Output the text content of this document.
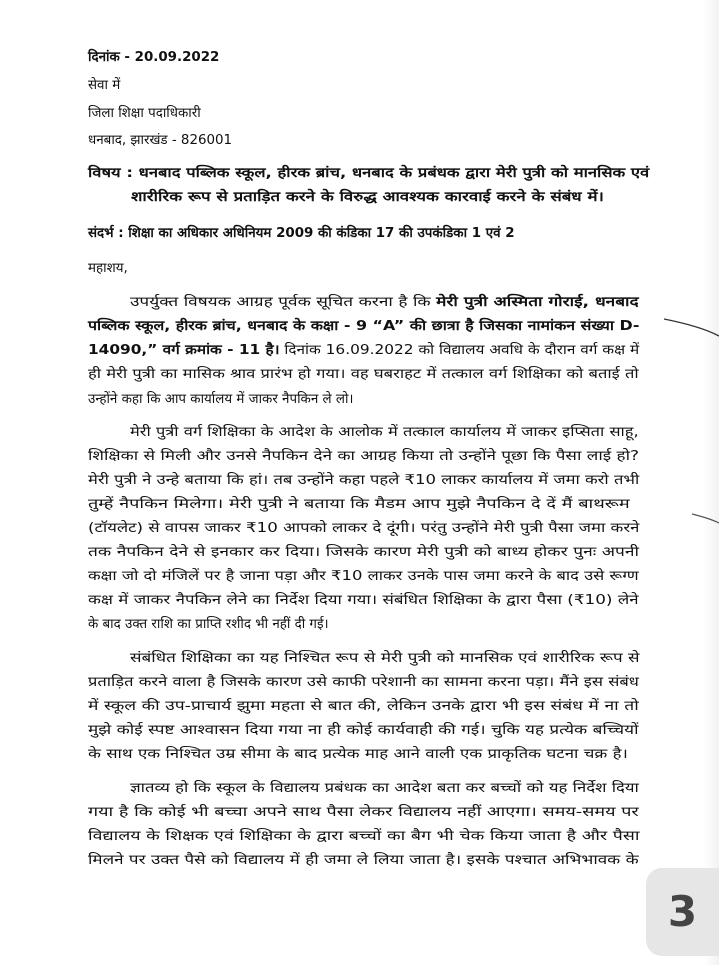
दिनांक - 20.09.2022
सेवा में
जिला शिक्षा पदाधिकारी
धनबाद, झारखंड - 826001
विषय : धनबाद पब्लिक स्कूल, हीरक ब्रांच, धनबाद के प्रबंधक द्वारा मेरी पुत्री को मानसिक एवं
शारीरिक रूप से प्रताड़ित करने के विरुद्ध आवश्यक कारवाई करने के संबंध में।
संदर्भ : शिक्षा का अधिकार अधिनियम 2009 की कंडिका 17 की उपकंडिका 1 एवं 2
महाशय,
उपर्युक्त विषयक आग्रह पूर्वक सूचित करना है कि मेरी पुत्री अस्मिता गोराई, धनबाद
पब्लिक स्कूल, हीरक ब्रांच, धनबाद के कक्षा - 9 “A” की छात्रा है जिसका नामांकन संख्या D-
14090,” वर्ग क्रमांक - 11 है। दिनांक 16.09.2022 को विद्यालय अवधि के दौरान वर्ग कक्ष में
ही मेरी पुत्री का मासिक श्राव प्रारंभ हो गया। वह घबराहट में तत्काल वर्ग शिक्षिका को बताई तो
उन्होंने कहा कि आप कार्यालय में जाकर नैपकिन ले लो।
मेरी पुत्री वर्ग शिक्षिका के आदेश के आलोक में तत्काल कार्यालय में जाकर इप्सिता साहू,
शिक्षिका से मिली और उनसे नैपकिन देने का आग्रह किया तो उन्होंने पूछा कि पैसा लाई हो?
मेरी पुत्री ने उन्हे बताया कि हां। तब उन्होंने कहा पहले ₹10 लाकर कार्यालय में जमा करो तभी
तुम्हें नैपकिन मिलेगा। मेरी पुत्री ने बताया कि मैडम आप मुझे नैपकिन दे दें मैं बाथरूम
(टॉयलेट) से वापस जाकर ₹10 आपको लाकर दे दूंगी। परंतु उन्होंने मेरी पुत्री पैसा जमा करने
तक नैपकिन देने से इनकार कर दिया। जिसके कारण मेरी पुत्री को बाध्य होकर पुनः अपनी
कक्षा जो दो मंजिलें पर है जाना पड़ा और ₹10 लाकर उनके पास जमा करने के बाद उसे रूग्ण
कक्ष में जाकर नैपकिन लेने का निर्देश दिया गया। संबंधित शिक्षिका के द्वारा पैसा (₹10) लेने
के बाद उक्त राशि का प्राप्ति रशीद भी नहीं दी गई।
संबंधित शिक्षिका का यह निश्चित रूप से मेरी पुत्री को मानसिक एवं शारीरिक रूप से
प्रताड़ित करने वाला है जिसके कारण उसे काफी परेशानी का सामना करना पड़ा। मैंने इस संबंध
में स्कूल की उप-प्राचार्य झुमा महता से बात की, लेकिन उनके द्वारा भी इस संबंध में ना तो
मुझे कोई स्पष्ट आश्वासन दिया गया ना ही कोई कार्यवाही की गई। चुकि यह प्रत्येक बच्चियों
के साथ एक निश्चित उम्र सीमा के बाद प्रत्येक माह आने वाली एक प्राकृतिक घटना चक्र है।
ज्ञातव्य हो कि स्कूल के विद्यालय प्रबंधक का आदेश बता कर बच्चों को यह निर्देश दिया
गया है कि कोई भी बच्चा अपने साथ पैसा लेकर विद्यालय नहीं आएगा। समय-समय पर
विद्यालय के शिक्षक एवं शिक्षिका के द्वारा बच्चों का बैग भी चेक किया जाता है और पैसा
मिलने पर उक्त पैसे को विद्यालय में ही जमा ले लिया जाता है। इसके पश्चात अभिभावक के
3
